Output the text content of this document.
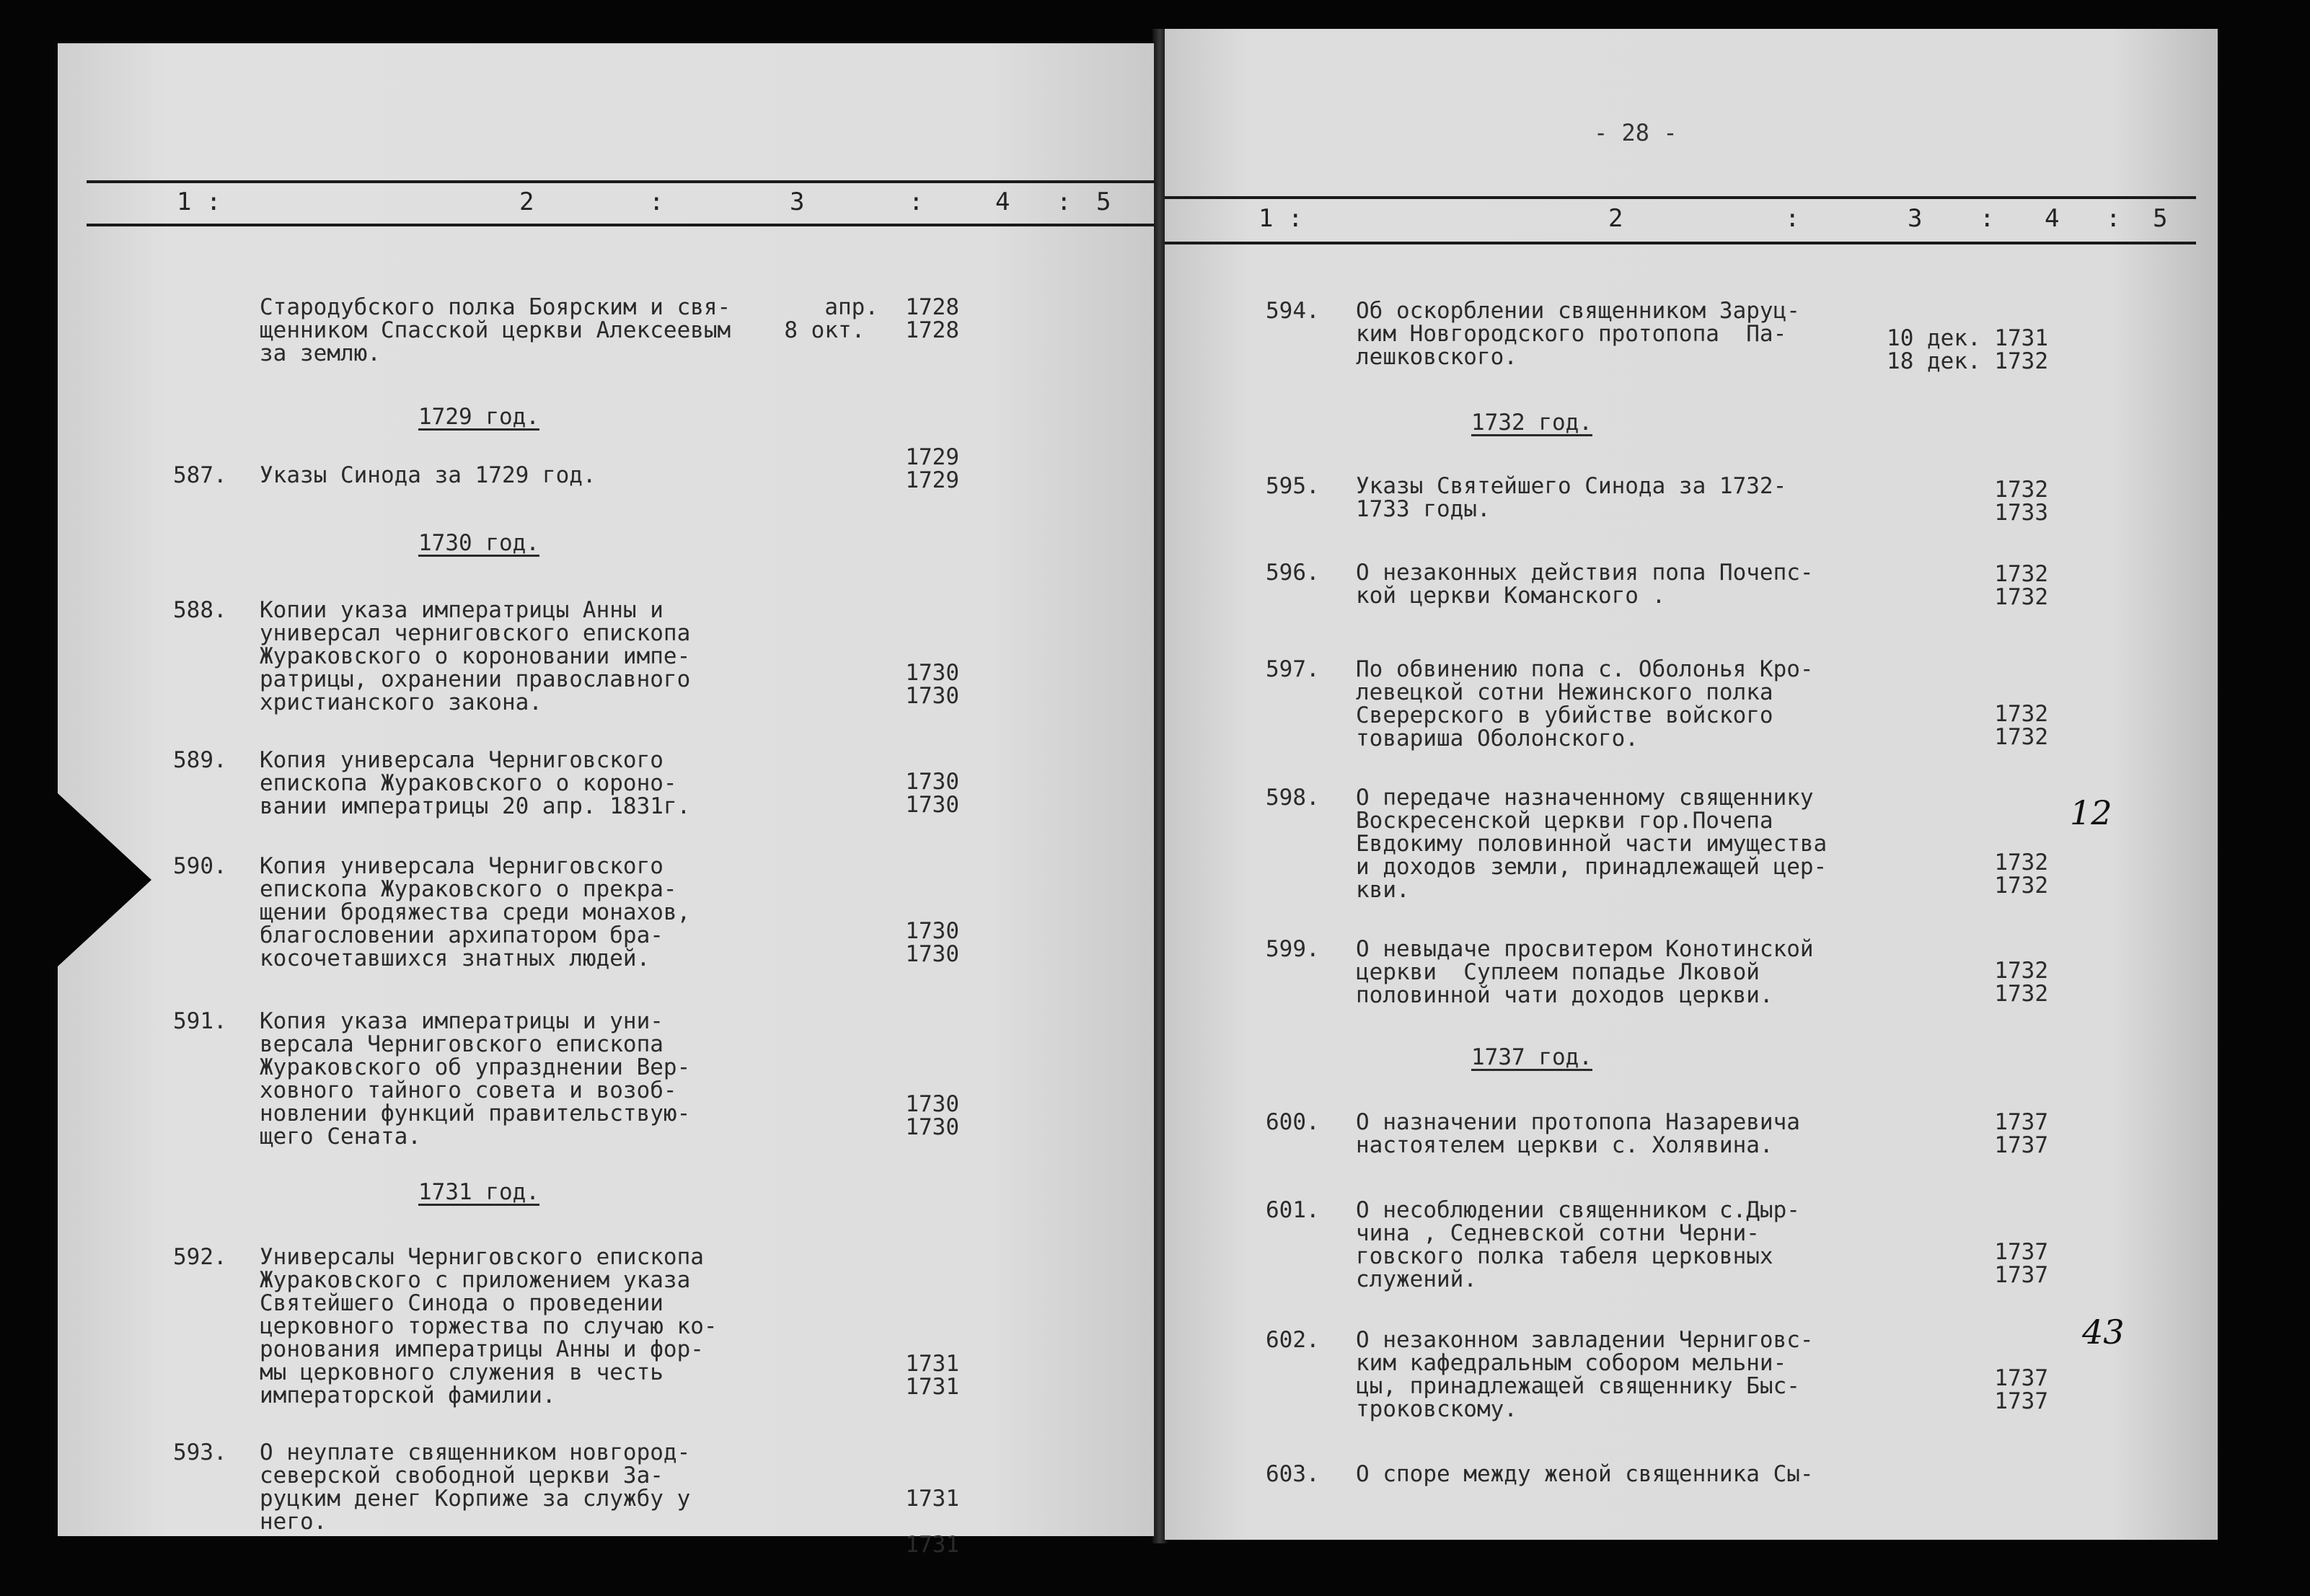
1 :	2	:	3	:	4 : 5
Стародубского полка Боярским и свя-
щенником Спасской церкви Алексеевым
за землю.
апр.  1728
8 окт.   1728
1729 год.
587. Указы Синода за 1729 год.
1729
1729
1730 год.
588. Копии указа императрицы Анны и
универсал черниговского епископа
Жураковского о короновании импе-
ратрицы, охранении православного
христианского закона.
1730
1730
589. Копия универсала Черниговского
епископа Жураковского о короно-
вании императрицы 20 апр. 1831г.
1730
1730
590. Копия универсала Черниговского
епископа Жураковского о прекра-
щении бродяжества среди монахов,
благословении архипатором бра-
косочетавшихся знатных людей.
1730
1730
591. Копия указа императрицы и уни-
версала Черниговского епископа
Жураковского об упразднении Вер-
ховного тайного совета и возоб-
новлении функций правительствую-
щего Сената.
1730
1730
1731 год.
592. Универсалы Черниговского епископа
Жураковского с приложением указа
Святейшего Синода о проведении
церковного торжества по случаю ко-
ронования императрицы Анны и фор-
мы церковного служения в честь
императорской фамилии.
1731
1731
593. О неуплате священником новгород-
северской свободной церкви За-
руцким денег Корпиже за службу у
него.
1731

1731
- 28 -
1 :	2	:	3 : 4 : 5
594. Об оскорблении священником Заруц-
ким Новгородского протопопа  Па-
лешковского.
10 дек. 1731
18 дек. 1732
1732 год.
595. Указы Святейшего Синода за 1732-
1733 годы.
1732
1733
596. О незаконных действия попа Почепс-
кой церкви Команского .
1732
1732
597. По обвинению попа с. Оболонья Кро-
левецкой сотни Нежинского полка
Сверерского в убийстве войского
товариша Оболонского.
1732
1732
598. О передаче назначенному священнику
Воскресенской церкви гор.Почепа
Евдокиму половинной части имущества
и доходов земли, принадлежащей цер-
кви.
1732
1732
599. О невыдаче просвитером Конотинской
церкви  Суплеем попадье Лковой
половинной чати доходов церкви.
1732
1732
1737 год.
600. О назначении протопопа Назаревича
настоятелем церкви с. Холявина.
1737
1737
601. О несоблюдении священником с.Дыр-
чина , Седневской сотни Черни-
говского полка табеля церковных
служений.
1737
1737
602. О незаконном завладении Черниговс-
ким кафедральным собором мельни-
цы, принадлежащей священнику Быс-
троковскому.
1737
1737
603. О споре между женой священника Сы-
12
43
